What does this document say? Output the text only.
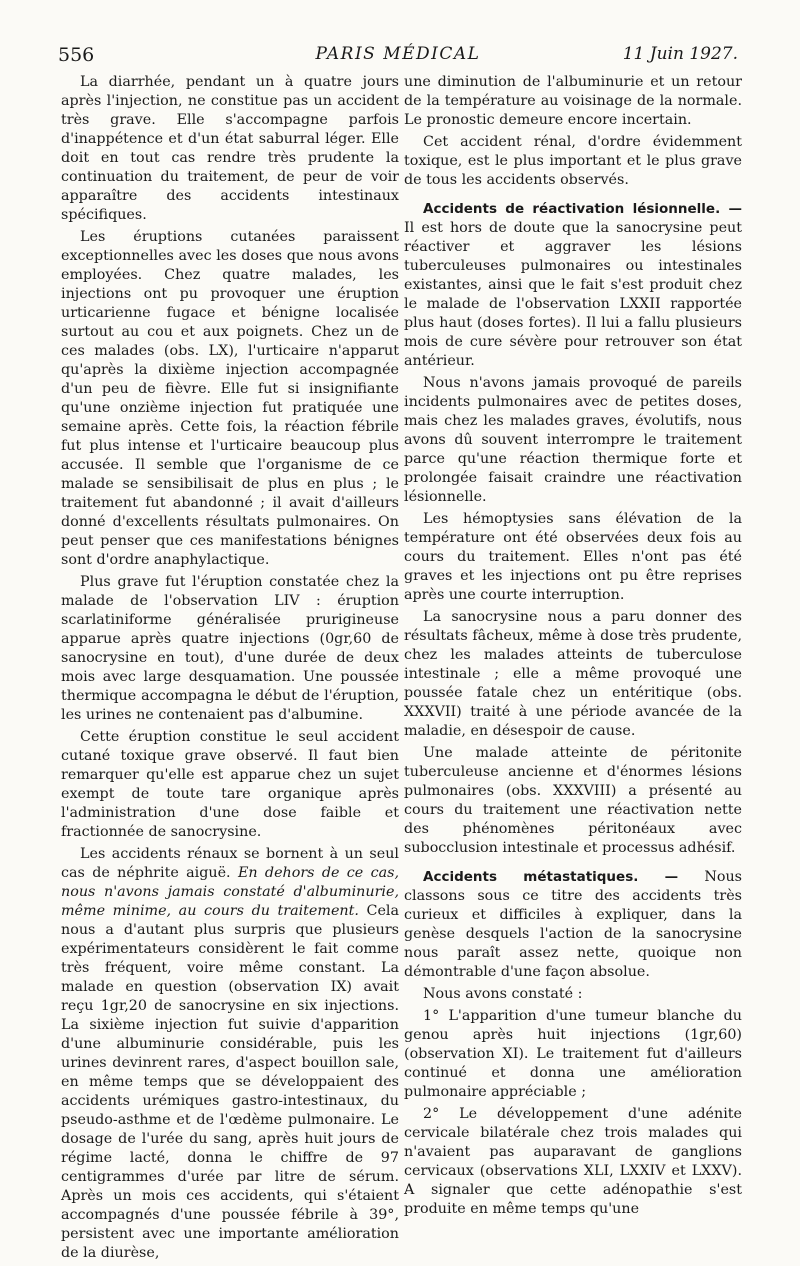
556	PARIS MÉDICAL	11 Juin 1927.

La diarrhée, pendant un à quatre jours après l'injection, ne constitue pas un accident très grave. Elle s'accompagne parfois d'inappétence et d'un état saburral léger. Elle doit en tout cas rendre très prudente la continuation du traitement, de peur de voir apparaître des accidents intestinaux spécifiques.

Les éruptions cutanées paraissent exceptionnelles avec les doses que nous avons employées. Chez quatre malades, les injections ont pu provoquer une éruption urticarienne fugace et bénigne localisée surtout au cou et aux poignets. Chez un de ces malades (obs. LX), l'urticaire n'apparut qu'après la dixième injection accompagnée d'un peu de fièvre. Elle fut si insignifiante qu'une onzième injection fut pratiquée une semaine après. Cette fois, la réaction fébrile fut plus intense et l'urticaire beaucoup plus accusée. Il semble que l'organisme de ce malade se sensibilisait de plus en plus ; le traitement fut abandonné ; il avait d'ailleurs donné d'excellents résultats pulmonaires. On peut penser que ces manifestations bénignes sont d'ordre anaphylactique.

Plus grave fut l'éruption constatée chez la malade de l'observation LIV : éruption scarlatiniforme généralisée prurigineuse apparue après quatre injections (0gr,60 de sanocrysine en tout), d'une durée de deux mois avec large desquamation. Une poussée thermique accompagna le début de l'éruption, les urines ne contenaient pas d'albumine.

Cette éruption constitue le seul accident cutané toxique grave observé. Il faut bien remarquer qu'elle est apparue chez un sujet exempt de toute tare organique après l'administration d'une dose faible et fractionnée de sanocrysine.

Les accidents rénaux se bornent à un seul cas de néphrite aiguë. En dehors de ce cas, nous n'avons jamais constaté d'albuminurie, même minime, au cours du traitement. Cela nous a d'autant plus surpris que plusieurs expérimentateurs considèrent le fait comme très fréquent, voire même constant. La malade en question (observation IX) avait reçu 1gr,20 de sanocrysine en six injections. La sixième injection fut suivie d'apparition d'une albuminurie considérable, puis les urines devinrent rares, d'aspect bouillon sale, en même temps que se développaient des accidents urémiques gastro-intestinaux, du pseudo-asthme et de l'œdème pulmonaire. Le dosage de l'urée du sang, après huit jours de régime lacté, donna le chiffre de 97 centigrammes d'urée par litre de sérum. Après un mois ces accidents, qui s'étaient accompagnés d'une poussée fébrile à 39°, persistent avec une importante amélioration de la diurèse,

une diminution de l'albuminurie et un retour de la température au voisinage de la normale. Le pronostic demeure encore incertain.

Cet accident rénal, d'ordre évidemment toxique, est le plus important et le plus grave de tous les accidents observés.

Accidents de réactivation lésionnelle. — Il est hors de doute que la sanocrysine peut réactiver et aggraver les lésions tuberculeuses pulmonaires ou intestinales existantes, ainsi que le fait s'est produit chez le malade de l'observation LXXII rapportée plus haut (doses fortes). Il lui a fallu plusieurs mois de cure sévère pour retrouver son état antérieur.

Nous n'avons jamais provoqué de pareils incidents pulmonaires avec de petites doses, mais chez les malades graves, évolutifs, nous avons dû souvent interrompre le traitement parce qu'une réaction thermique forte et prolongée faisait craindre une réactivation lésionnelle.

Les hémoptysies sans élévation de la température ont été observées deux fois au cours du traitement. Elles n'ont pas été graves et les injections ont pu être reprises après une courte interruption.

La sanocrysine nous a paru donner des résultats fâcheux, même à dose très prudente, chez les malades atteints de tuberculose intestinale ; elle a même provoqué une poussée fatale chez un entéritique (obs. XXXVII) traité à une période avancée de la maladie, en désespoir de cause.

Une malade atteinte de péritonite tuberculeuse ancienne et d'énormes lésions pulmonaires (obs. XXXVIII) a présenté au cours du traitement une réactivation nette des phénomènes péritonéaux avec subocclusion intestinale et processus adhésif.

Accidents métastatiques. — Nous classons sous ce titre des accidents très curieux et difficiles à expliquer, dans la genèse desquels l'action de la sanocrysine nous paraît assez nette, quoique non démontrable d'une façon absolue.

Nous avons constaté :

1° L'apparition d'une tumeur blanche du genou après huit injections (1gr,60) (observation XI). Le traitement fut d'ailleurs continué et donna une amélioration pulmonaire appréciable ;

2° Le développement d'une adénite cervicale bilatérale chez trois malades qui n'avaient pas auparavant de ganglions cervicaux (observations XLI, LXXIV et LXXV). A signaler que cette adénopathie s'est produite en même temps qu'une
